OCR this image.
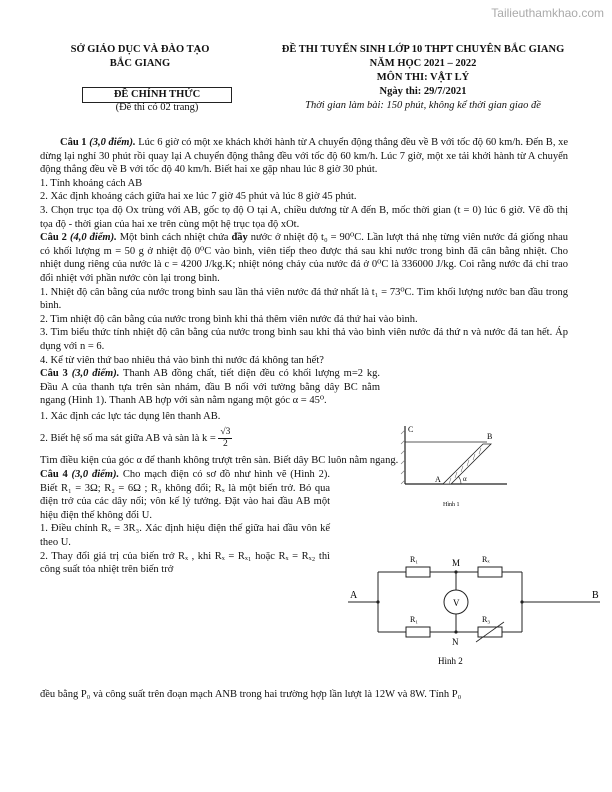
Tailieuthamkhao.com
SỞ GIÁO DỤC VÀ ĐÀO TẠO
BẮC GIANG
ĐỀ THI TUYỂN SINH LỚP 10 THPT CHUYÊN BẮC GIANG
NĂM HỌC 2021 – 2022
MÔN THI: VẬT LÝ
Ngày thi: 29/7/2021
Thời gian làm bài: 150 phút, không kể thời gian giao đề
ĐỀ CHÍNH THỨC
(Đề thi có 02 trang)

Câu 1 (3,0 điểm). Lúc 6 giờ có một xe khách khởi hành từ A chuyển động thẳng đều về B với tốc độ 60 km/h. Đến B, xe dừng lại nghỉ 30 phút rồi quay lại A chuyển động thẳng đều với tốc độ 60 km/h. Lúc 7 giờ, một xe tải khởi hành từ A chuyển động thẳng đều về B với tốc độ 40 km/h. Biết hai xe gặp nhau lúc 8 giờ 30 phút.

1. Tính khoảng cách AB

2. Xác định khoảng cách giữa hai xe lúc 7 giờ 45 phút và lúc 8 giờ 45 phút.

3. Chọn trục tọa độ Ox trùng với AB, gốc tọ độ O tại A, chiều dương từ A đến B, mốc thời gian (t = 0) lúc 6 giờ. Vẽ đồ thị tọa độ - thời gian của hai xe trên cùng một hệ trục tọa độ xOt.

Câu 2 (4,0 điểm). Một bình cách nhiệt chứa đầy nước ở nhiệt độ t₀ = 90⁰C. Lần lượt thả nhẹ từng viên nước đá giống nhau có khối lượng m = 50 g ở nhiệt độ 0⁰C vào bình, viên tiếp theo được thả sau khi nước trong bình đã cân bằng nhiệt. Cho nhiệt dung riêng của nước là c = 4200 J/kg.K; nhiệt nóng chảy của nước đá ở 0⁰C là 336000 J/kg. Coi rằng nước đá chỉ trao đổi nhiệt với phần nước còn lại trong bình.

1. Nhiệt độ cân bằng của nước trong bình sau lần thả viên nước đá thứ nhất là t₁ = 73⁰C. Tìm khối lượng nước ban đầu trong bình.

2. Tìm nhiệt độ cân bằng của nước trong bình khi thả thêm viên nước đá thứ hai vào bình.

3. Tìm biểu thức tính nhiệt độ cân bằng của nước trong bình sau khi thả vào bình viên nước đá thứ n và nước đá tan hết. Áp dụng với n = 6.

4. Kể từ viên thứ bao nhiêu thả vào bình thì nước đá không tan hết?

Câu 3 (3,0 điểm). Thanh AB đồng chất, tiết diện đều có khối lượng m=2 kg. Đầu A của thanh tựa trên sàn nhám, đầu B nối với tường bằng dây BC nằm ngang (Hình 1). Thanh AB hợp với sàn nằm ngang một góc α = 45⁰.

1. Xác định các lực tác dụng lên thanh AB.

2. Biết hệ số ma sát giữa AB và sàn là $k = \frac{√3}{2}$

Tìm điều kiện của góc α để thanh không trượt trên sàn. Biết dây BC luôn nằm ngang.

Câu 4 (3,0 điểm). Cho mạch điện có sơ đồ như hình vẽ (Hình 2). Biết R₁ = 3Ω; R₂ = 6Ω ; R₃ không đổi; Rₓ là một biến trở. Bỏ qua điện trở của các dây nối; vôn kế lý tưởng. Đặt vào hai đầu AB một hiệu điện thế không đổi U.

1. Điều chỉnh Rₓ = 3R₃. Xác định hiệu điện thế giữa hai đầu vôn kế theo U.

2. Thay đổi giá trị của biến trở Rₓ , khi Rₓ = Rₓ₁ hoặc Rₓ = Rₓ₂ thì công suất tỏa nhiệt trên biến trở

đều bằng P₀ và công suất trên đoạn mạch ANB trong hai trường hợp lần lượt là 12W và 8W. Tính P₀
C
B
A	α
Hình 1
V
A	B
M
N
R₁
R₁
Rₓ
R₃
Hình 2
